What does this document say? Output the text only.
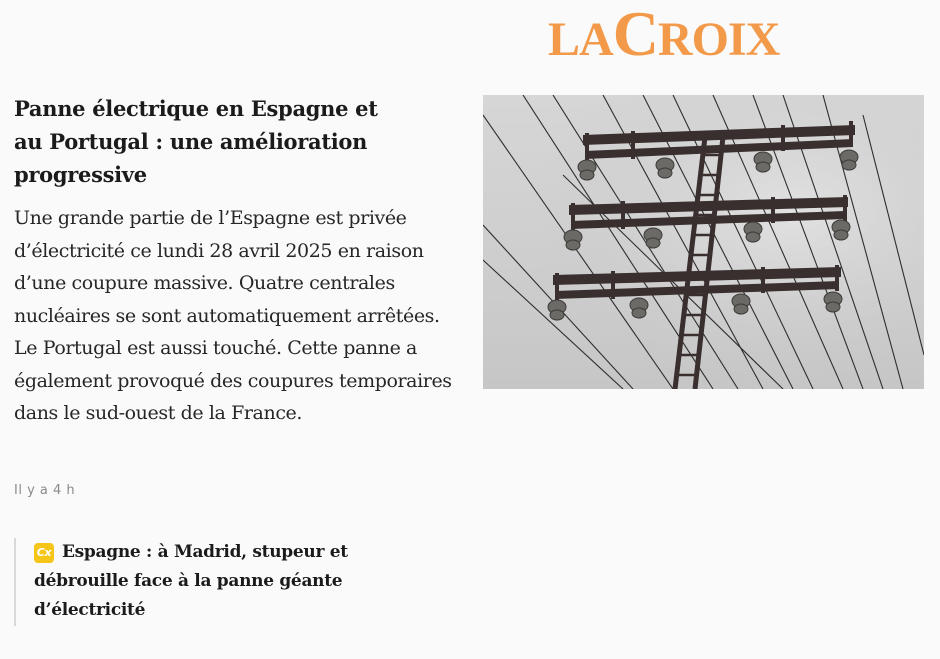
LACROIX
Panne électrique en Espagne et au Portugal : une amélioration progressive

Une grande partie de l’Espagne est privée d’électricité ce lundi 28 avril 2025 en raison d’une coupure massive. Quatre centrales nucléaires se sont automatiquement arrêtées. Le Portugal est aussi touché. Cette panne a également provoqué des coupures temporaires dans le sud-ouest de la France.

Il y a 4 h

Cx Espagne : à Madrid, stupeur et débrouille face à la panne géante d’électricité
